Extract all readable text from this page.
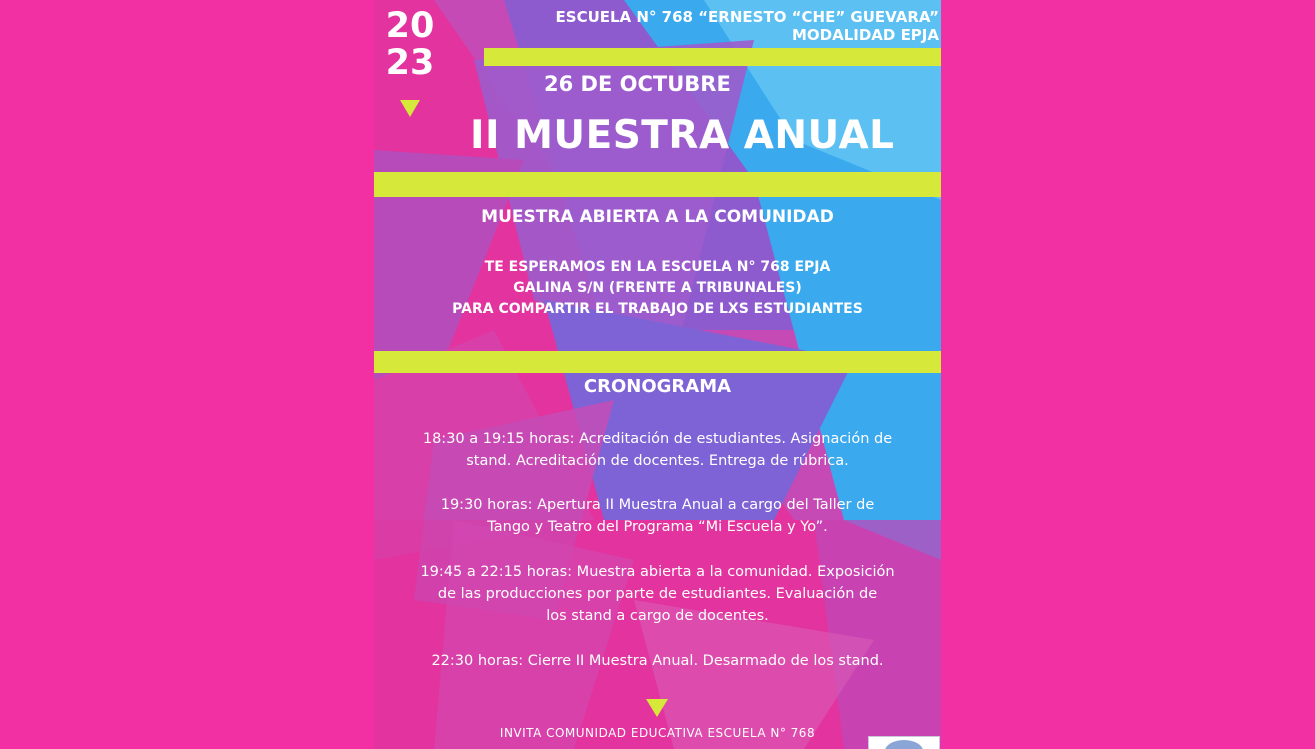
20
23
ESCUELA N° 768 “ERNESTO “CHE” GUEVARA”
MODALIDAD EPJA
26 DE OCTUBRE
II MUESTRA ANUAL
MUESTRA ABIERTA A LA COMUNIDAD
TE ESPERAMOS EN LA ESCUELA N° 768 EPJA
GALINA S/N (FRENTE A TRIBUNALES)
PARA COMPARTIR EL TRABAJO DE LXS ESTUDIANTES
CRONOGRAMA
18:30 a 19:15 horas: Acreditación de estudiantes. Asignación de
stand. Acreditación de docentes. Entrega de rúbrica.
19:30 horas: Apertura II Muestra Anual a cargo del Taller de
Tango y Teatro del Programa “Mi Escuela y Yo”.
19:45 a 22:15 horas: Muestra abierta a la comunidad. Exposición
de las producciones por parte de estudiantes. Evaluación de
los stand a cargo de docentes.
22:30 horas: Cierre II Muestra Anual. Desarmado de los stand.
INVITA COMUNIDAD EDUCATIVA ESCUELA N° 768
